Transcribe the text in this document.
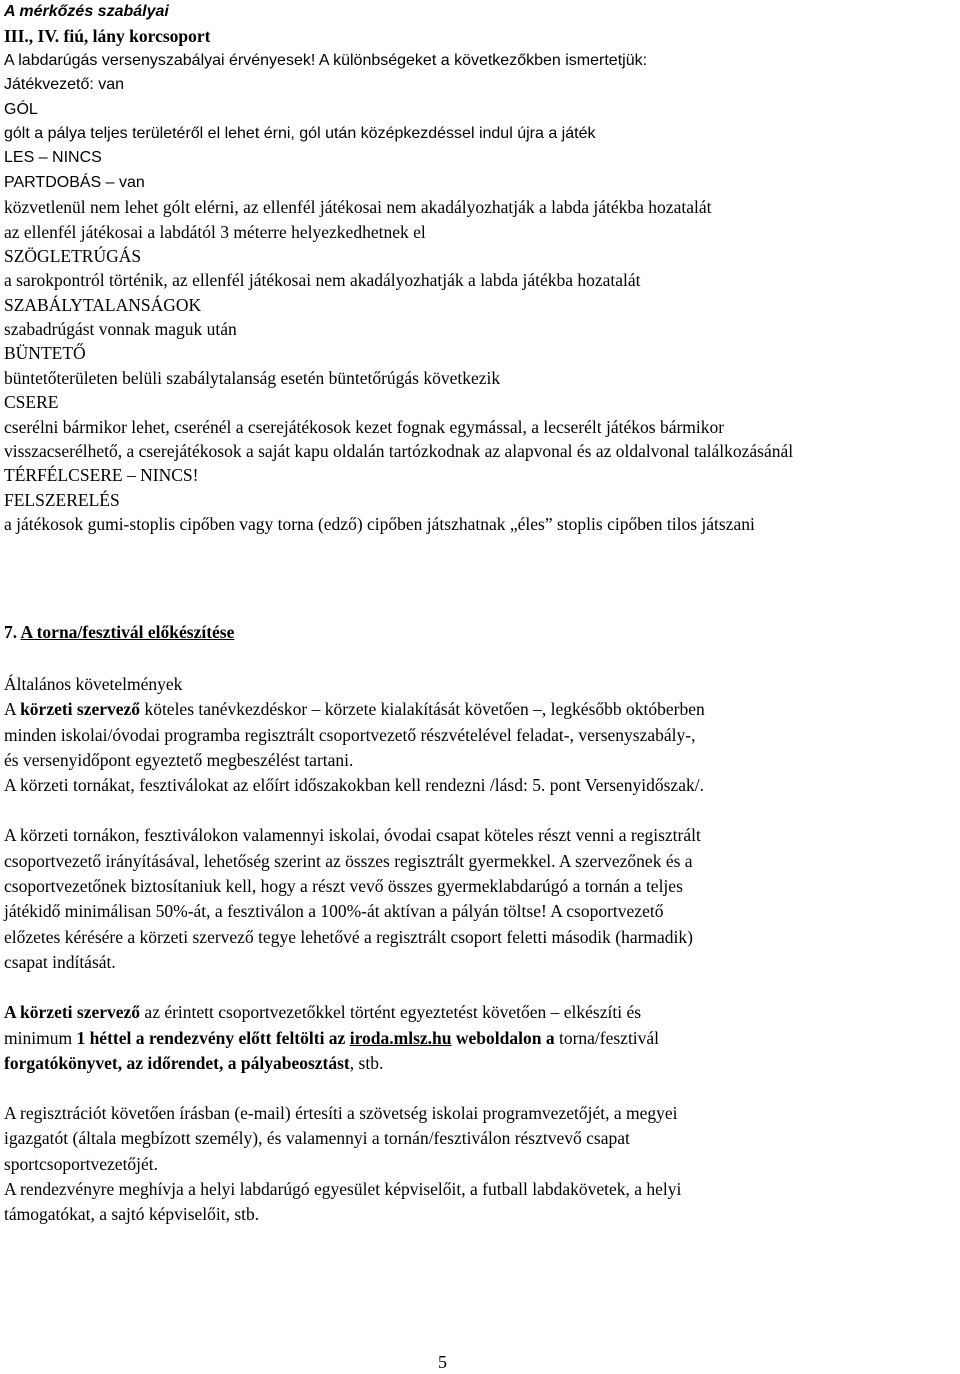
A mérkőzés szabályai
III., IV. fiú, lány korcsoport
A labdarúgás versenyszabályai érvényesek! A különbségeket a következőkben ismertetjük:
Játékvezető: van
GÓL
gólt a pálya teljes területéről el lehet érni, gól után középkezdéssel indul újra a játék
LES – NINCS
PARTDOBÁS – van
közvetlenül nem lehet gólt elérni, az ellenfél játékosai nem akadályozhatják a labda játékba hozatalát
az ellenfél játékosai a labdától 3 méterre helyezkedhetnek el
SZÖGLETRÚGÁS
a sarokpontról történik, az ellenfél játékosai nem akadályozhatják a labda játékba hozatalát
SZABÁLYTALANSÁGOK
szabadrúgást vonnak maguk után
BÜNTETŐ
büntetőterületen belüli szabálytalanság esetén büntetőrúgás következik
CSERE
cserélni bármikor lehet, cserénél a cserejátékosok kezet fognak egymással, a lecserélt játékos bármikor
visszacserélhető, a cserejátékosok a saját kapu oldalán tartózkodnak az alapvonal és az oldalvonal találkozásánál
TÉRFÉLCSERE – NINCS!
FELSZERELÉS
a játékosok gumi-stoplis cipőben vagy torna (edző) cipőben játszhatnak „éles” stoplis cipőben tilos játszani
7. A torna/fesztivál előkészítése
Általános követelmények
A körzeti szervező köteles tanévkezdéskor – körzete kialakítását követően –, legkésőbb októberben
minden iskolai/óvodai programba regisztrált csoportvezető részvételével feladat-, versenyszabály-,
és versenyidőpont egyeztető megbeszélést tartani.
A körzeti tornákat, fesztiválokat az előírt időszakokban kell rendezni /lásd: 5. pont Versenyidőszak/.
A körzeti tornákon, fesztiválokon valamennyi iskolai, óvodai csapat köteles részt venni a regisztrált
csoportvezető irányításával, lehetőség szerint az összes regisztrált gyermekkel. A szervezőnek és a
csoportvezetőnek biztosítaniuk kell, hogy a részt vevő összes gyermeklabdarúgó a tornán a teljes
játékidő minimálisan 50%-át, a fesztiválon a 100%-át aktívan a pályán töltse! A csoportvezető
előzetes kérésére a körzeti szervező tegye lehetővé a regisztrált csoport feletti második (harmadik)
csapat indítását.
A körzeti szervező az érintett csoportvezetőkkel történt egyeztetést követően – elkészíti és
minimum 1 héttel a rendezvény előtt feltölti az iroda.mlsz.hu weboldalon a torna/fesztivál
forgatókönyvet, az időrendet, a pályabeosztást, stb.
A regisztrációt követően írásban (e-mail) értesíti a szövetség iskolai programvezetőjét, a megyei
igazgatót (általa megbízott személy), és valamennyi a tornán/fesztiválon résztvevő csapat
sportcsoportvezetőjét.
A rendezvényre meghívja a helyi labdarúgó egyesület képviselőit, a futball labdakövetek, a helyi
támogatókat, a sajtó képviselőit, stb.
5
